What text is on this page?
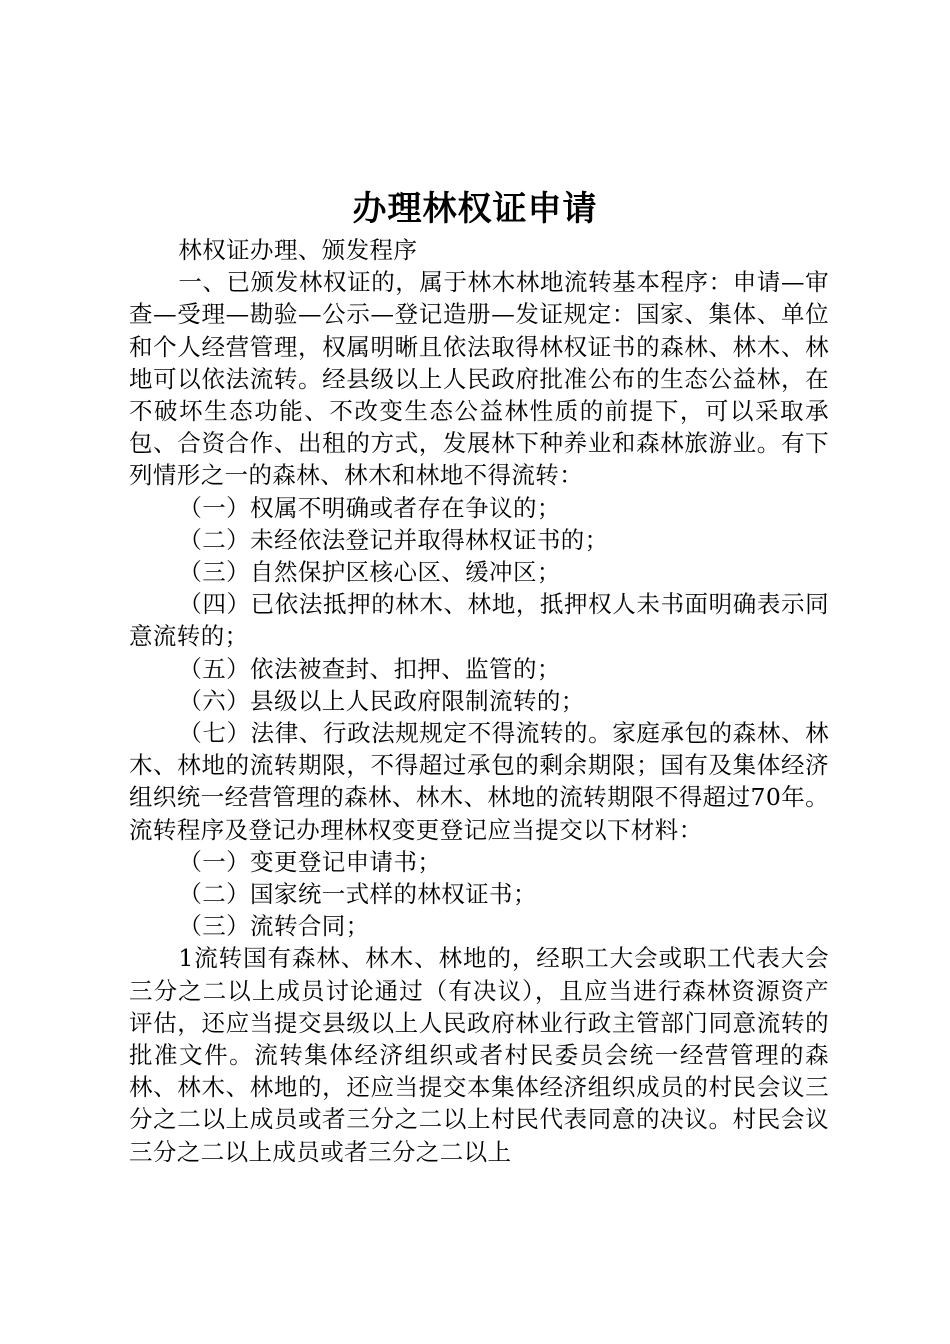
办理林权证申请

林权证办理、颁发程序

一、已颁发林权证的，属于林木林地流转基本程序：申请—审查—受理—勘验—公示—登记造册—发证规定：国家、集体、单位和个人经营管理，权属明晰且依法取得林权证书的森林、林木、林地可以依法流转。经县级以上人民政府批准公布的生态公益林，在不破坏生态功能、不改变生态公益林性质的前提下，可以采取承包、合资合作、出租的方式，发展林下种养业和森林旅游业。有下列情形之一的森林、林木和林地不得流转：

（一）权属不明确或者存在争议的；

（二）未经依法登记并取得林权证书的；

（三）自然保护区核心区、缓冲区；

（四）已依法抵押的林木、林地，抵押权人未书面明确表示同意流转的；

（五）依法被查封、扣押、监管的；

（六）县级以上人民政府限制流转的；

（七）法律、行政法规规定不得流转的。家庭承包的森林、林木、林地的流转期限，不得超过承包的剩余期限；国有及集体经济组织统一经营管理的森林、林木、林地的流转期限不得超过70年。流转程序及登记办理林权变更登记应当提交以下材料：

（一）变更登记申请书；

（二）国家统一式样的林权证书；

（三）流转合同；

1流转国有森林、林木、林地的，经职工大会或职工代表大会三分之二以上成员讨论通过（有决议），且应当进行森林资源资产评估，还应当提交县级以上人民政府林业行政主管部门同意流转的批准文件。流转集体经济组织或者村民委员会统一经营管理的森林、林木、林地的，还应当提交本集体经济组织成员的村民会议三分之二以上成员或者三分之二以上村民代表同意的决议。村民会议三分之二以上成员或者三分之二以上
